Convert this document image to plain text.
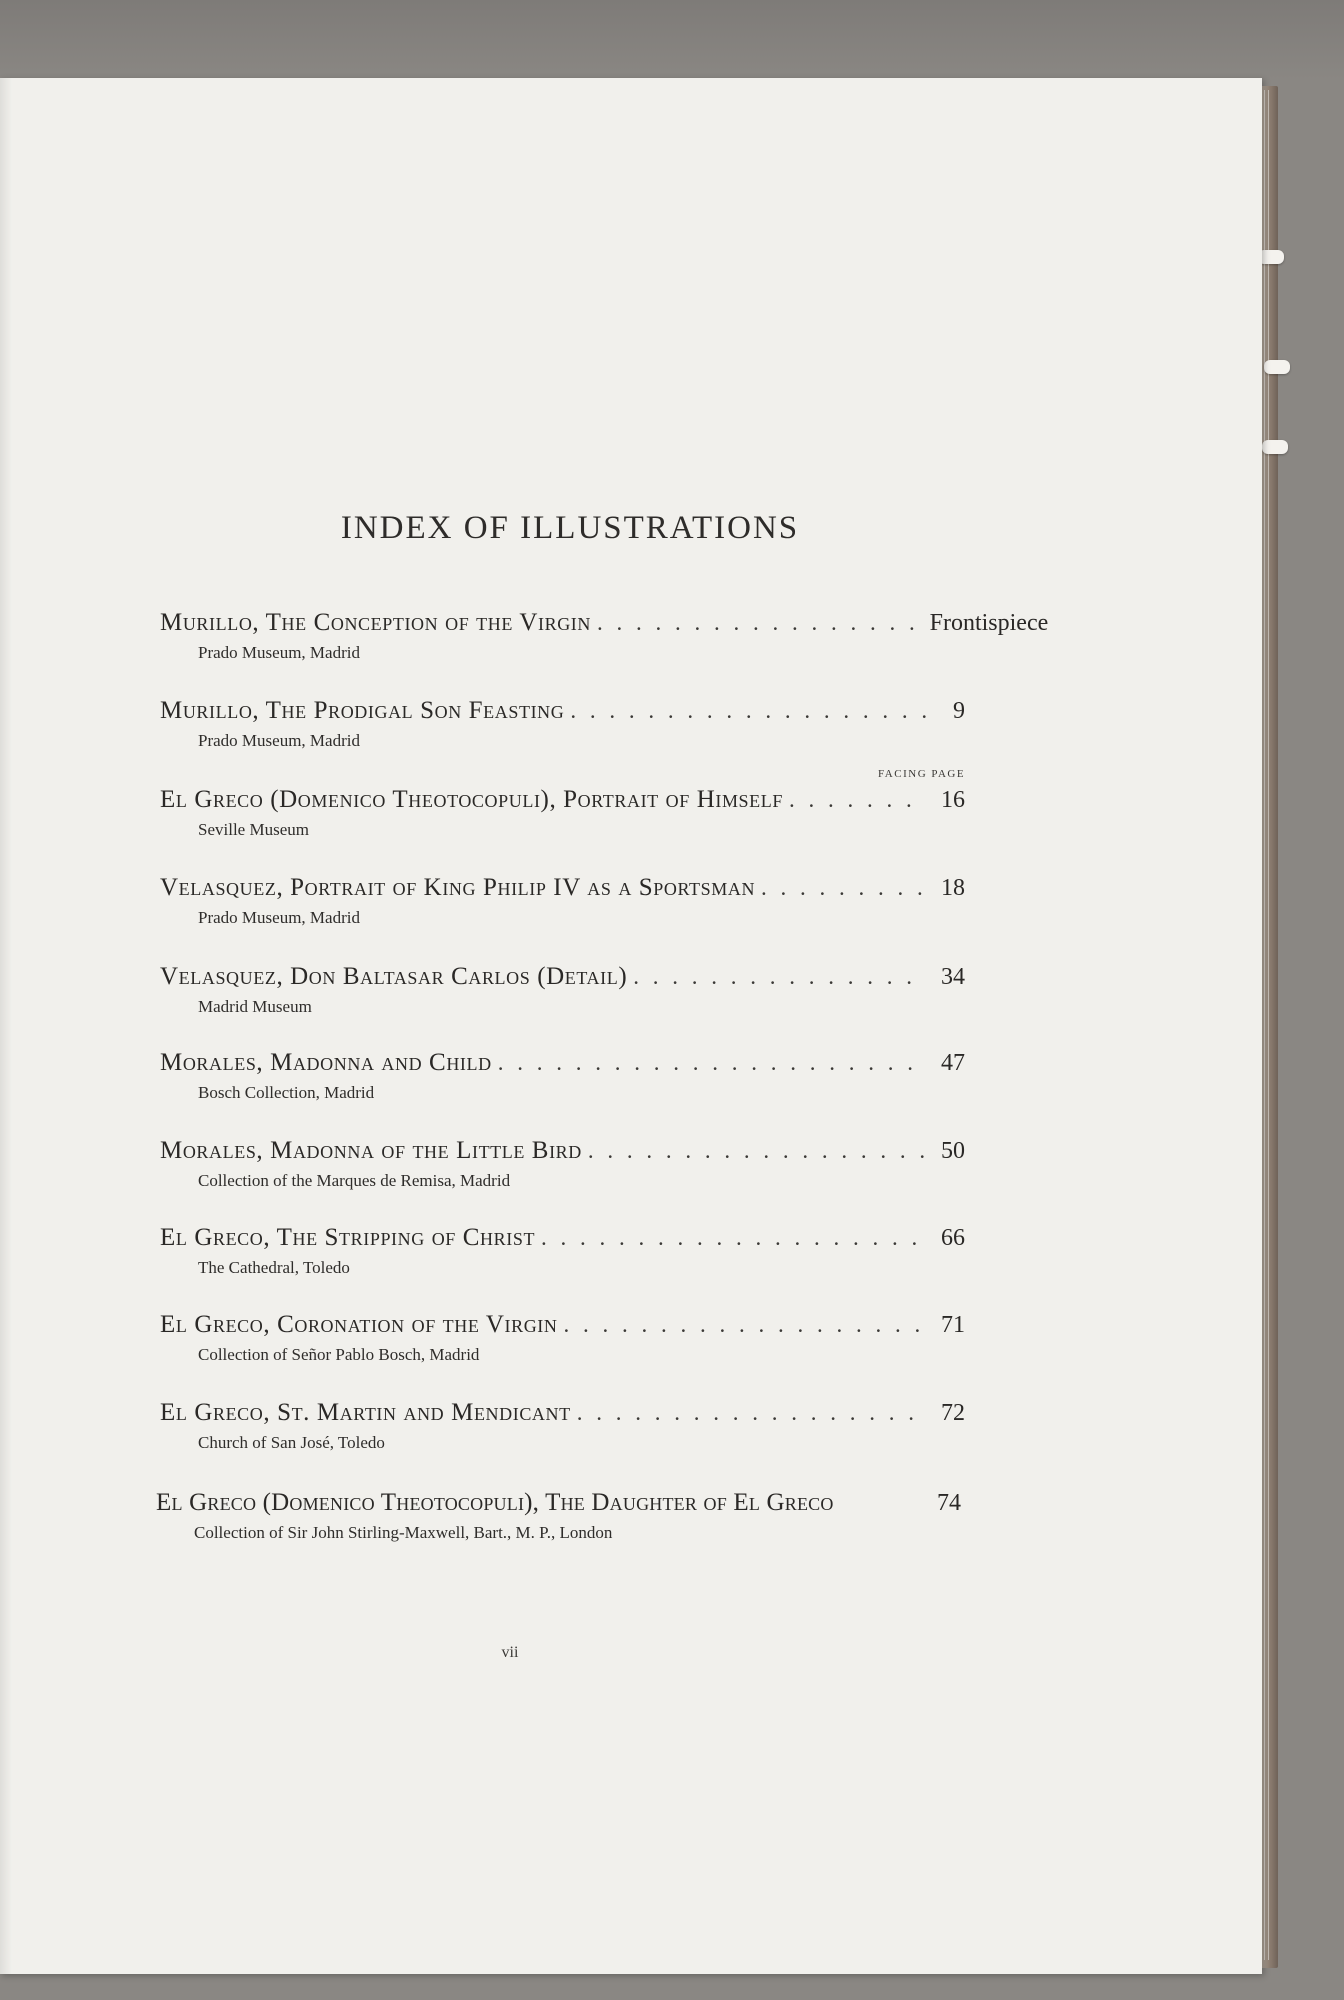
INDEX OF ILLUSTRATIONS
FACING PAGE
Murillo, The Conception of the Virgin . . .	Frontispiece
Prado Museum, Madrid
Murillo, The Prodigal Son Feasting . . .	9
Prado Museum, Madrid
El Greco (Domenico Theotocopuli), Portrait of Himself . . .	16
Seville Museum
Velasquez, Portrait of King Philip IV as a Sportsman . . .	18
Prado Museum, Madrid
Velasquez, Don Baltasar Carlos (Detail) . . .	34
Madrid Museum
Morales, Madonna and Child . . .	47
Bosch Collection, Madrid
Morales, Madonna of the Little Bird . . .	50
Collection of the Marques de Remisa, Madrid
El Greco, The Stripping of Christ . . .	66
The Cathedral, Toledo
El Greco, Coronation of the Virgin . . .	71
Collection of Señor Pablo Bosch, Madrid
El Greco, St. Martin and Mendicant . . .	72
Church of San José, Toledo
El Greco (Domenico Theotocopuli), The Daughter of El Greco	74
Collection of Sir John Stirling-Maxwell, Bart., M. P., London
vii
